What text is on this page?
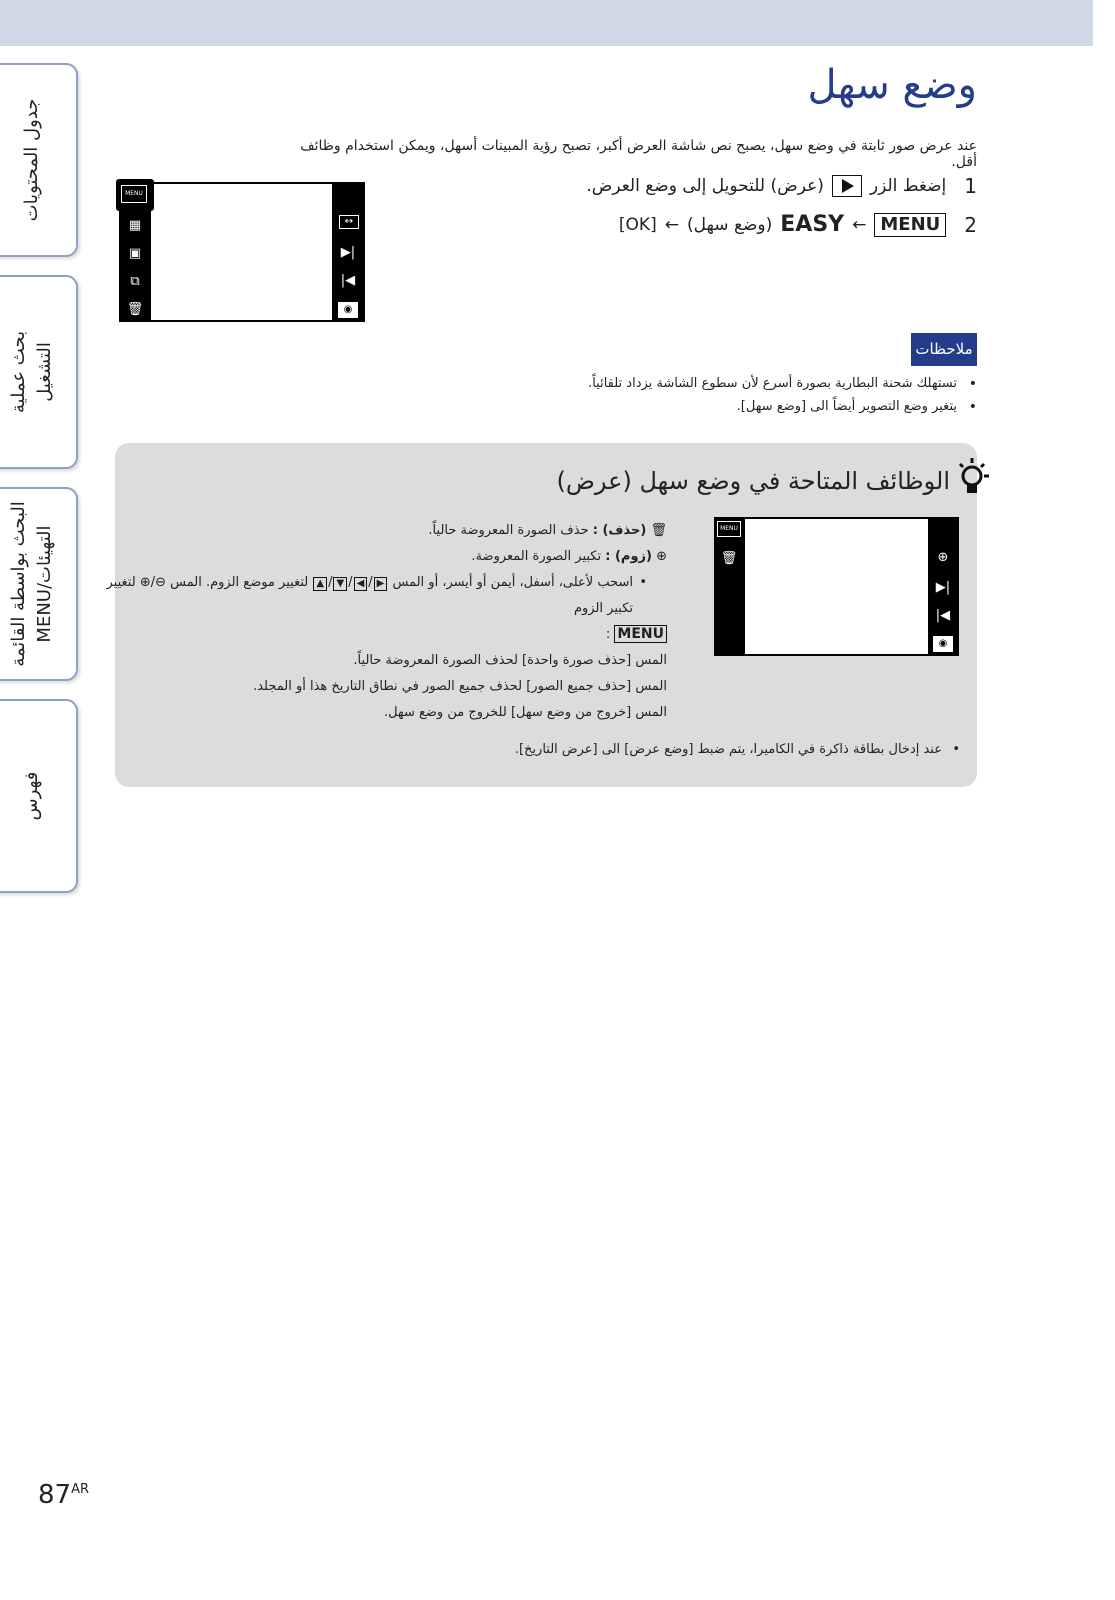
جدول المحتويات
بحث عملية التشغيل
البحث بواسطة القائمة MENU/التهيئات
فهرس
وضع سهل
عند عرض صور ثابتة في وضع سهل، يصبح نص شاشة العرض أكبر، تصبح رؤية المبينات أسهل، ويمكن استخدام وظائف أقل.
1
إضغط الزر
(عرض) للتحويل إلى وضع العرض.
2
MENU
←
EASY
(وضع سهل)
←
[OK]
MENU
▦
▣
⧉
🗑
↔
▶|
|◀
◉
ملاحظات
• تستهلك شحنة البطارية بصورة أسرع لأن سطوع الشاشة يزداد تلقائياً.
• يتغير وضع التصوير أيضاً الى [وضع سهل].
الوظائف المتاحة في وضع سهل (عرض)
MENU
🗑	⊕
▶|
|◀
◉
🗑 (حذف) : حذف الصورة المعروضة حالياً.
⊕ (زوم) : تكبير الصورة المعروضة.
• اسحب لأعلى، أسفل، أيمن أو أيسر، أو المس ▶/◀/▼/▲ لتغيير موضع الزوم. المس ⊖/⊕ لتغيير
تكبير الزوم
MENU :
المس [حذف صورة واحدة] لحذف الصورة المعروضة حالياً.
المس [حذف جميع الصور] لحذف جميع الصور في نطاق التاريخ هذا أو المجلد.
المس [خروج من وضع سهل] للخروج من وضع سهل.
• عند إدخال بطاقة ذاكرة في الكاميرا، يتم ضبط [وضع عرض] الى [عرض التاريخ].
$87^{AR}$
